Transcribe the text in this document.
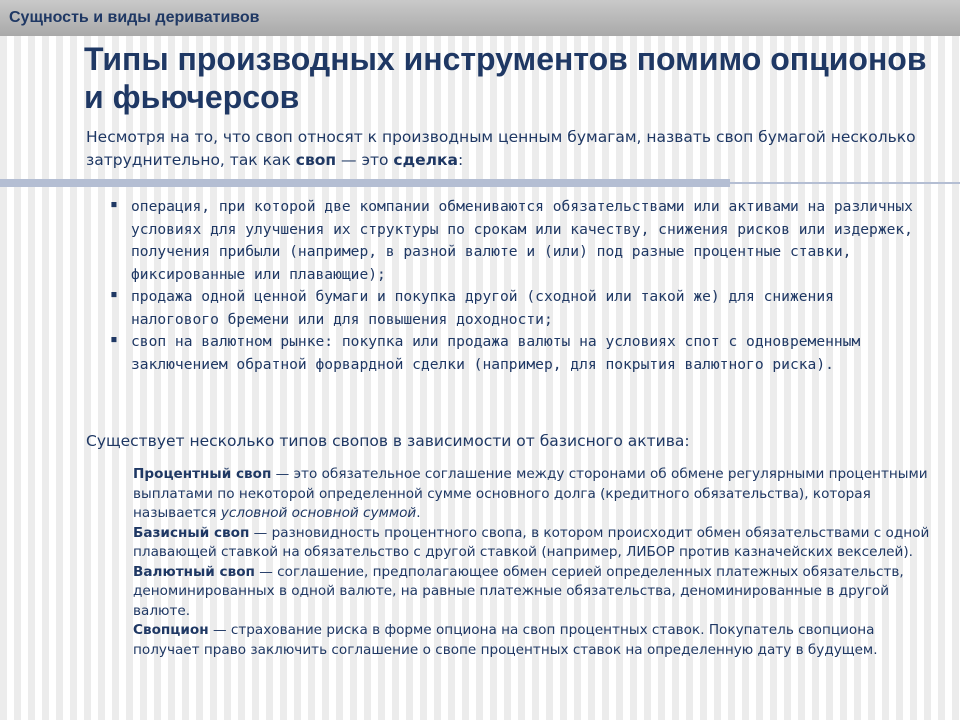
Сущность и виды деривативов
Типы производных инструментов помимо опционов и фьючерсов
Несмотря на то, что своп относят к производным ценным бумагам, назвать своп бумагой несколько затруднительно, так как своп — это сделка:
▪ операция, при которой две компании обмениваются обязательствами или активами на различных условиях для улучшения их структуры по срокам или качеству, снижения рисков или издержек, получения прибыли (например, в разной валюте и (или) под разные процентные ставки, фиксированные или плавающие);
▪ продажа одной ценной бумаги и покупка другой (сходной или такой же) для снижения налогового бремени или для повышения доходности;
▪ своп на валютном рынке: покупка или продажа валюты на условиях спот с одновременным заключением обратной форвардной сделки (например, для покрытия валютного риска).
Существует несколько типов свопов в зависимости от базисного актива:

Процентный своп — это обязательное соглашение между сторонами об обмене регулярными процентными выплатами по некоторой определенной сумме основного долга (кредитного обязательства), которая называется условной основной суммой.

Базисный своп — разновидность процентного свопа, в котором происходит обмен обязательствами с одной плавающей ставкой на обязательство с другой ставкой (например, ЛИБОР против казначейских векселей).

Валютный своп — соглашение, предполагающее обмен серией определенных платежных обязательств, деноминированных в одной валюте, на равные платежные обязательства, деноминированные в другой валюте.

Свопцион — страхование риска в форме опциона на своп процентных ставок. Покупатель свопциона получает право заключить соглашение о свопе процентных ставок на определенную дату в будущем.
